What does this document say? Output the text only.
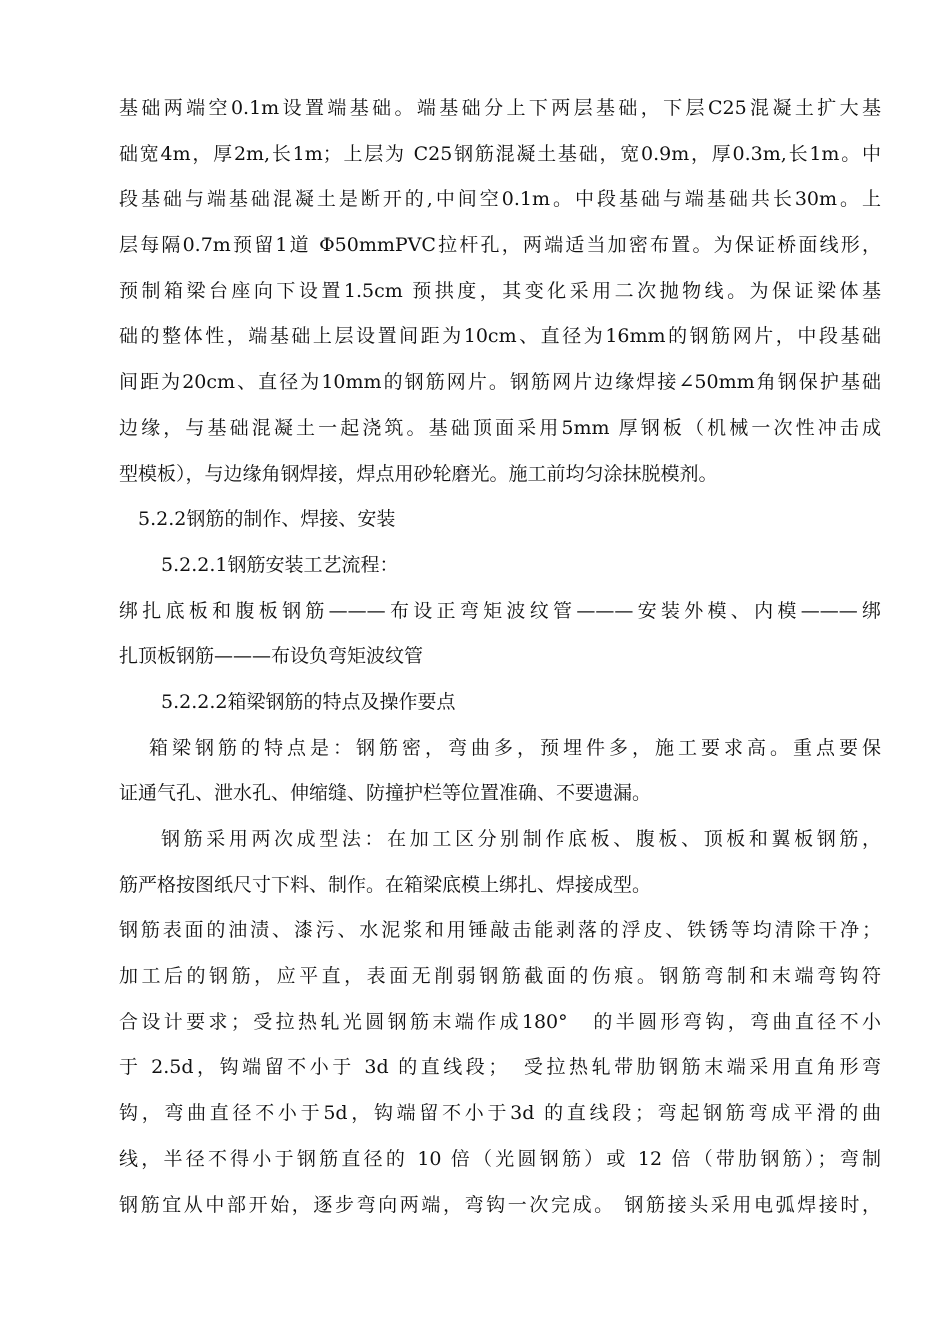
基础两端空0.1m设置端基础。端基础分上下两层基础，下层C25混凝土扩大基
础宽4m，厚2m,长1m；上层为 C25钢筋混凝土基础，宽0.9m，厚0.3m,长1m。中
段基础与端基础混凝土是断开的,中间空0.1m。中段基础与端基础共长30m。上
层每隔0.7m预留1道 Φ50mmPVC拉杆孔，两端适当加密布置。为保证桥面线形，
预制箱梁台座向下设置1.5cm 预拱度，其变化采用二次抛物线。为保证梁体基
础的整体性，端基础上层设置间距为10cm、直径为16mm的钢筋网片，中段基础
间距为20cm、直径为10mm的钢筋网片。钢筋网片边缘焊接∠50mm角钢保护基础
边缘，与基础混凝土一起浇筑。基础顶面采用5mm 厚钢板（机械一次性冲击成
型模板），与边缘角钢焊接，焊点用砂轮磨光。施工前均匀涂抹脱模剂。
5.2.2钢筋的制作、焊接、安装
5.2.2.1钢筋安装工艺流程：
绑扎底板和腹板钢筋———布设正弯矩波纹管———安装外模、内模———绑
扎顶板钢筋———布设负弯矩波纹管
5.2.2.2箱梁钢筋的特点及操作要点
箱梁钢筋的特点是：钢筋密，弯曲多，预埋件多，施工要求高。重点要保
证通气孔、泄水孔、伸缩缝、防撞护栏等位置准确、不要遗漏。
钢筋采用两次成型法：在加工区分别制作底板、腹板、顶板和翼板钢筋，
筋严格按图纸尺寸下料、制作。在箱梁底模上绑扎、焊接成型。
钢筋表面的油渍、漆污、水泥浆和用锤敲击能剥落的浮皮、铁锈等均清除干净；
加工后的钢筋，应平直，表面无削弱钢筋截面的伤痕。钢筋弯制和末端弯钩符
合设计要求；受拉热轧光圆钢筋末端作成180°　的半圆形弯钩，弯曲直径不小
于 2.5d，钩端留不小于 3d 的直线段；　受拉热轧带肋钢筋末端采用直角形弯
钩，弯曲直径不小于5d，钩端留不小于3d 的直线段；弯起钢筋弯成平滑的曲
线，半径不得小于钢筋直径的 10 倍（光圆钢筋）或 12 倍（带肋钢筋）；弯制
钢筋宜从中部开始，逐步弯向两端，弯钩一次完成。 钢筋接头采用电弧焊接时，
